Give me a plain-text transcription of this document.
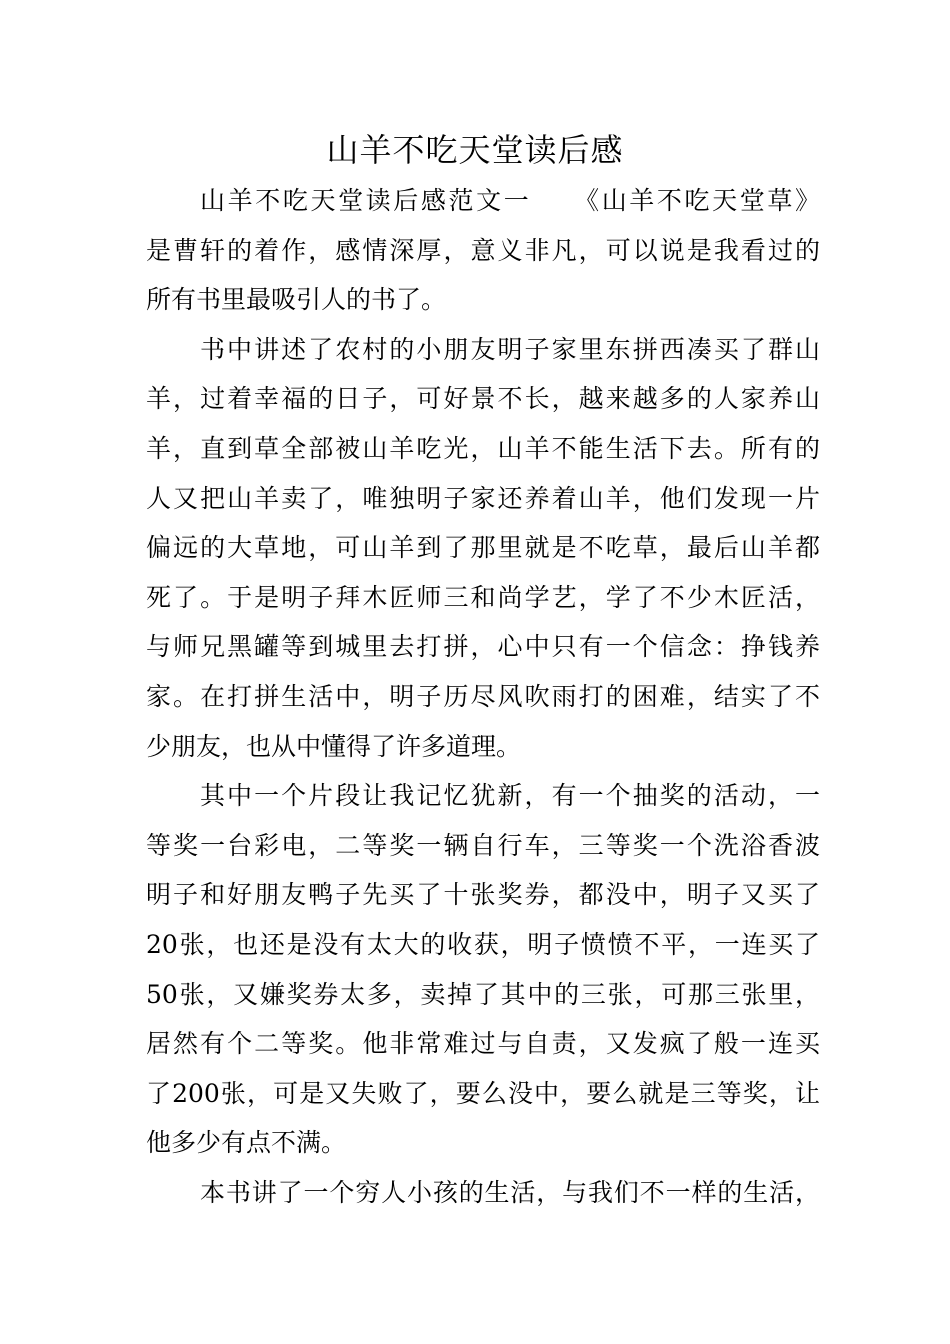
山羊不吃天堂读后感
山羊不吃天堂读后感范文一　　《山羊不吃天堂草》
是曹轩的着作，感情深厚，意义非凡，可以说是我看过的
所有书里最吸引人的书了。
书中讲述了农村的小朋友明子家里东拼西凑买了群山
羊，过着幸福的日子，可好景不长，越来越多的人家养山
羊，直到草全部被山羊吃光，山羊不能生活下去。所有的
人又把山羊卖了，唯独明子家还养着山羊，他们发现一片
偏远的大草地，可山羊到了那里就是不吃草，最后山羊都
死了。于是明子拜木匠师三和尚学艺，学了不少木匠活，
与师兄黑罐等到城里去打拼，心中只有一个信念：挣钱养
家。在打拼生活中，明子历尽风吹雨打的困难，结实了不
少朋友，也从中懂得了许多道理。
其中一个片段让我记忆犹新，有一个抽奖的活动，一
等奖一台彩电，二等奖一辆自行车，三等奖一个洗浴香波
明子和好朋友鸭子先买了十张奖券，都没中，明子又买了
20张，也还是没有太大的收获，明子愤愤不平，一连买了
50张，又嫌奖券太多，卖掉了其中的三张，可那三张里，
居然有个二等奖。他非常难过与自责，又发疯了般一连买
了200张，可是又失败了，要么没中，要么就是三等奖，让
他多少有点不满。
本书讲了一个穷人小孩的生活，与我们不一样的生活，
